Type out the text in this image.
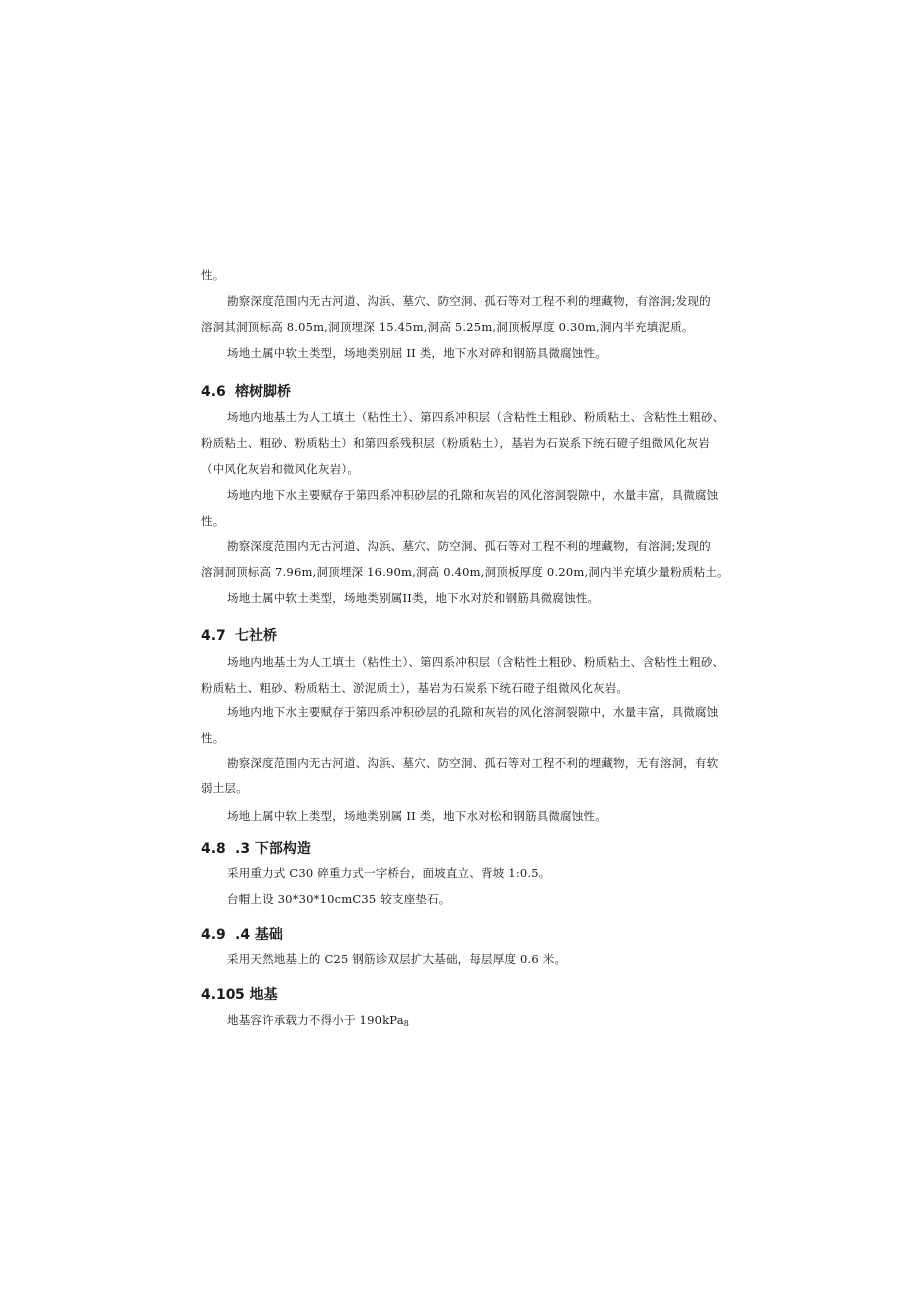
性。
勘察深度范围内无古河道、沟浜、墓穴、防空洞、孤石等对工程不利的埋藏物，有溶洞;发现的
溶洞其洞顶标高 8.05m,洞顶埋深 15.45m,洞高 5.25m,洞顶板厚度 0.30m,洞内半充填泥质。
场地土属中软土类型，场地类别屈 II 类，地下水对碎和钢筋具微腐蚀性。
4.6 榕树脚桥
场地内地基土为人工填土（粘性土）、第四系冲积层（含粘性土粗砂、粉质粘土、含粘性土粗砂、
粉质粘土、粗砂、粉质粘土）和第四系残积层（粉质粘土），基岩为石炭系下统石磴子组微风化灰岩
（中风化灰岩和微风化灰岩）。
场地内地下水主要赋存于第四系冲积砂层的孔隙和灰岩的风化溶洞裂隙中，水量丰富，具微腐蚀
性。
勘察深度范围内无古河道、沟浜、墓穴、防空洞、孤石等对工程不利的埋藏物，有溶洞;发现的
溶洞洞顶标高 7.96m,洞顶埋深 16.90m,洞高 0.40m,洞顶板厚度 0.20m,洞内半充填少量粉质粘土。
场地土属中软土类型，场地类别属II类，地下水对於和钢筋具微腐蚀性。
4.7 七社桥
场地内地基土为人工填土（粘性土）、第四系冲积层（含粘性土粗砂、粉质粘土、含粘性土粗砂、
粉质粘土、粗砂、粉质粘土、淤泥质土），基岩为石炭系下统石磴子组微风化灰岩。
场地内地下水主要赋存于第四系冲积砂层的孔隙和灰岩的风化溶洞裂隙中，水量丰富，具微腐蚀
性。
勘察深度范围内无古河道、沟浜、墓穴、防空洞、孤石等对工程不利的埋藏物，无有溶洞，有软
弱土层。
场地上属中软上类型，场地类别属 II 类，地下水对松和钢筋具微腐蚀性。
4.8 .3 下部构造
采用重力式 C30 碎重力式一字桥台，面坡直立、背坡 1:0.5。
台帽上设 30*30*10cmC35 较支座垫石。
4.9 .4 基础
采用天然地基上的 C25 钢筋诊双层扩大基础，每层厚度 0.6 米。
4.105 地基
地基容许承载力不得小于 190kPa$_8$
